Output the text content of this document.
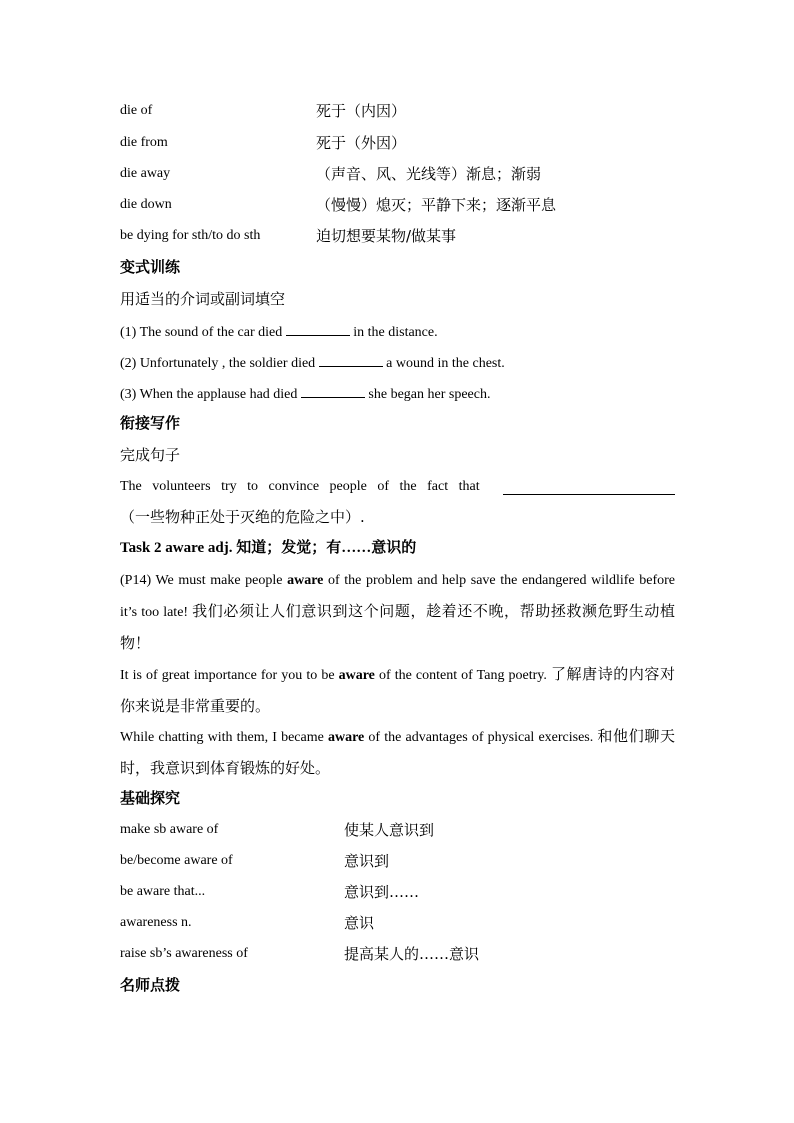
die of	死于（内因）
die from	死于（外因）
die away	（声音、风、光线等）渐息；渐弱
die down	（慢慢）熄灭；平静下来；逐渐平息
be dying for sth/to do sth	迫切想要某物/做某事
变式训练
用适当的介词或副词填空
(1) The sound of the car died	in the distance.
(2) Unfortunately , the soldier died	a wound in the chest.
(3) When the applause had died	she began her speech.
衔接写作
完成句子
The volunteers try to convince people of the fact that
（一些物种正处于灭绝的危险之中）.
Task 2 aware adj. 知道；发觉；有……意识的
(P14) We must make people aware of the problem and help save the endangered wildlife before it’s too late! 我们必须让人们意识到这个问题，趁着还不晚，帮助拯救濒危野生动植物！
It is of great importance for you to be aware of the content of Tang poetry. 了解唐诗的内容对你来说是非常重要的。
While chatting with them, I became aware of the advantages of physical exercises. 和他们聊天时，我意识到体育锻炼的好处。
基础探究
make sb aware of	使某人意识到
be/become aware of	意识到
be aware that...	意识到……
awareness n.	意识
raise sb’s awareness of	提高某人的……意识
名师点拨
